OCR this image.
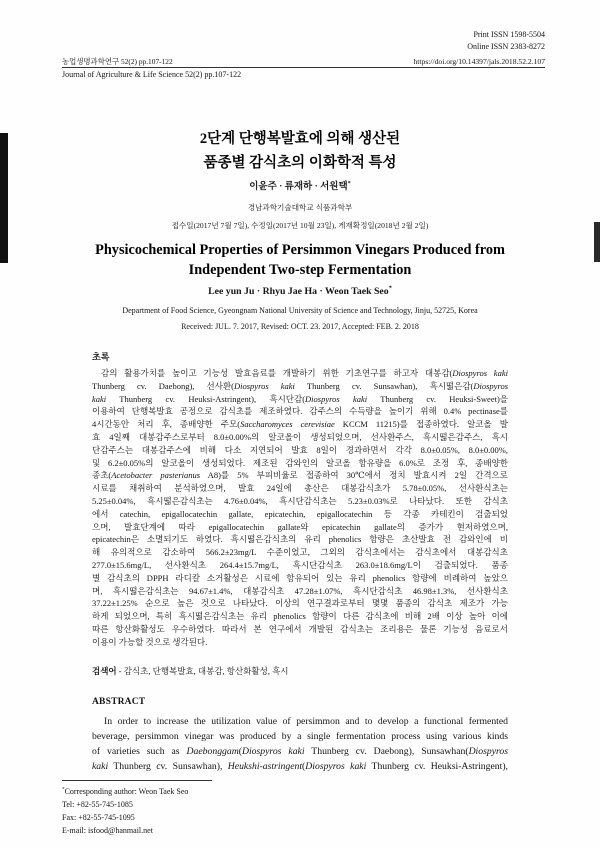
Print ISSN 1598-5504
Online ISSN 2383-8272
농업생명과학연구 52(2) pp.107-122	https://doi.org/10.14397/jals.2018.52.2.107
Journal of Agriculture & Life Science 52(2) pp.107-122
2단계 단행복발효에 의해 생산된
품종별 감식초의 이화학적 특성
이윤주 · 류재하 · 서원택*
경남과학기술대학교 식품과학부
접수일(2017년 7월 7일), 수정일(2017년 10월 23일), 게재확정일(2018년 2월 2일)
Physicochemical Properties of Persimmon Vinegars Produced from
Independent Two-step Fermentation
Lee yun Ju · Rhyu Jae Ha · Weon Taek Seo*
Department of Food Science, Gyeongnam National University of Science and Technology, Jinju, 52725, Korea
Received: JUL. 7. 2017, Revised: OCT. 23. 2017, Accepted: FEB. 2. 2018
초록
감의 활용가치를 높이고 기능성 발효음료를 개발하기 위한 기초연구를 하고자 대봉감(Diospyros kaki
Thunberg cv. Daebong), 선사환(Diospyros kaki Thunberg cv. Sunsawhan), 흑시떫은감(Diospyros
kaki Thunberg cv. Heuksi-Astringent), 흑시단감(Diospyros kaki Thunberg cv. Heuksi-Sweet)을
이용하여 단행복발효 공정으로 감식초를 제조하였다. 감주스의 수득량을 높이기 위해 0.4% pectinase를
4시간동안 처리 후, 종배양한 주모(Saccharomyces cerevisiae KCCM 11215)를 접종하였다. 알코올 발
효 4일째 대봉감주스로부터 8.0±0.00%의 알코올이 생성되었으며, 선사환주스, 흑시떫은감주스, 흑시
단감주스는 대봉감주스에 비해 다소 지연되어 발효 8일이 경과하면서 각각 8.0±0.05%, 8.0±0.00%,
및 6.2±0.05%의 알코올이 생성되었다. 제조된 감와인의 알코올 함유량을 6.0%로 조정 후, 종배양한
종초(Acetobacter pasterianus A8)를 5% 부피비율로 접종하여 30℃에서 정치 발효시켜 2일 간격으로
시료를 채취하여 분석하였으며, 발효 24일에 총산은 대봉감식초가 5.78±0.05%, 선사환식초는
5.25±0.04%, 흑시떫은감식초는 4.76±0.04%, 흑시단감식초는 5.23±0.03%로 나타났다. 또한 감식초
에서 catechin, epigallocatechin gallate, epicatechin, epigallocatechin 등 각종 카테킨이 검출되었
으며, 발효단계에 따라 epigallocatechin gallate와 epicatechin gallate의 증가가 현저하였으며,
epicatechin은 소멸되기도 하였다. 흑시떫은감식초의 유리 phenolics 함량은 초산발효 전 감와인에 비
해 유의적으로 감소하여 566.2±23mg/L 수준이었고, 그외의 감식초에서는 감식초에서 대봉감식초
277.0±15.6mg/L, 선사환식초 264.4±15.7mg/L, 흑시단감식초 263.0±18.6mg/L이 검출되었다. 품종
별 감식초의 DPPH 라디칼 소거활성은 시료에 함유되어 있는 유리 phenolics 함량에 비례하여 높았으
며, 흑시떫은감식초는 94.67±1.4%, 대봉감식초 47.28±1.07%, 흑시단감식초 46.98±1.3%, 선사환식초
37.22±1.25% 순으로 높은 것으로 나타났다. 이상의 연구결과로부터 몇몇 품종의 감식초 제조가 가능
하게 되었으며, 특히 흑시떫은감식초는 유리 phenolics 함량이 다른 감식초에 비해 2배 이상 높아 이에
따른 항산화활성도 우수하였다. 따라서 본 연구에서 개발된 감식초는 조리용은 물론 기능성 음료로서
이용이 가능할 것으로 생각된다.
검색어 - 감식초, 단행복발효, 대봉감, 항산화활성, 흑시
ABSTRACT
In order to increase the utilization value of persimmon and to develop a functional fermented
beverage, persimmon vinegar was produced by a single fermentation process using various kinds
of varieties such as Daebonggam(Diospyros kaki Thunberg cv. Daebong), Sunsawhan(Diospyros
kaki Thunberg cv. Sunsawhan), Heukshi-astringent(Diospyros kaki Thunberg cv. Heuksi-Astringent),
*Corresponding author: Weon Taek Seo
Tel: +82-55-745-1085
Fax: +82-55-745-1095
E-mail: isfood@hanmail.net
